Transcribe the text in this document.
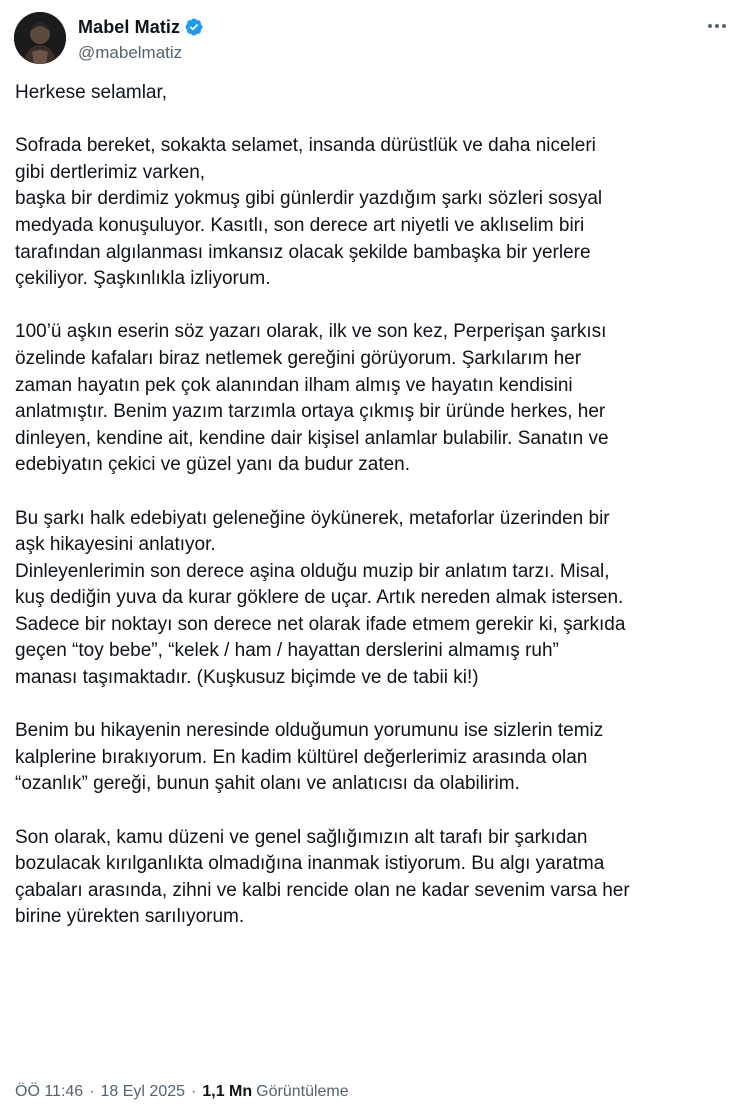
Mabel Matiz
@mabelmatiz

Herkese selamlar,

Sofrada bereket, sokakta selamet, insanda dürüstlük ve daha niceleri
gibi dertlerimiz varken,
başka bir derdimiz yokmuş gibi günlerdir yazdığım şarkı sözleri sosyal
medyada konuşuluyor. Kasıtlı, son derece art niyetli ve aklıselim biri
tarafından algılanması imkansız olacak şekilde bambaşka bir yerlere
çekiliyor. Şaşkınlıkla izliyorum.

100’ü aşkın eserin söz yazarı olarak, ilk ve son kez, Perperişan şarkısı
özelinde kafaları biraz netlemek gereğini görüyorum. Şarkılarım her
zaman hayatın pek çok alanından ilham almış ve hayatın kendisini
anlatmıştır. Benim yazım tarzımla ortaya çıkmış bir üründe herkes, her
dinleyen, kendine ait, kendine dair kişisel anlamlar bulabilir. Sanatın ve
edebiyatın çekici ve güzel yanı da budur zaten.

Bu şarkı halk edebiyatı geleneğine öykünerek, metaforlar üzerinden bir
aşk hikayesini anlatıyor.
Dinleyenlerimin son derece aşina olduğu muzip bir anlatım tarzı. Misal,
kuş dediğin yuva da kurar göklere de uçar. Artık nereden almak istersen.
Sadece bir noktayı son derece net olarak ifade etmem gerekir ki, şarkıda
geçen “toy bebe”, “kelek / ham / hayattan derslerini almamış ruh”
manası taşımaktadır. (Kuşkusuz biçimde ve de tabii ki!)

Benim bu hikayenin neresinde olduğumun yorumunu ise sizlerin temiz
kalplerine bırakıyorum. En kadim kültürel değerlerimiz arasında olan
“ozanlık” gereği, bunun şahit olanı ve anlatıcısı da olabilirim.

Son olarak, kamu düzeni ve genel sağlığımızın alt tarafı bir şarkıdan
bozulacak kırılganlıkta olmadığına inanmak istiyorum. Bu algı yaratma
çabaları arasında, zihni ve kalbi rencide olan ne kadar sevenim varsa her
birine yürekten sarılıyorum.

ÖÖ 11:46 · 18 Eyl 2025 · 1,1 Mn Görüntüleme
